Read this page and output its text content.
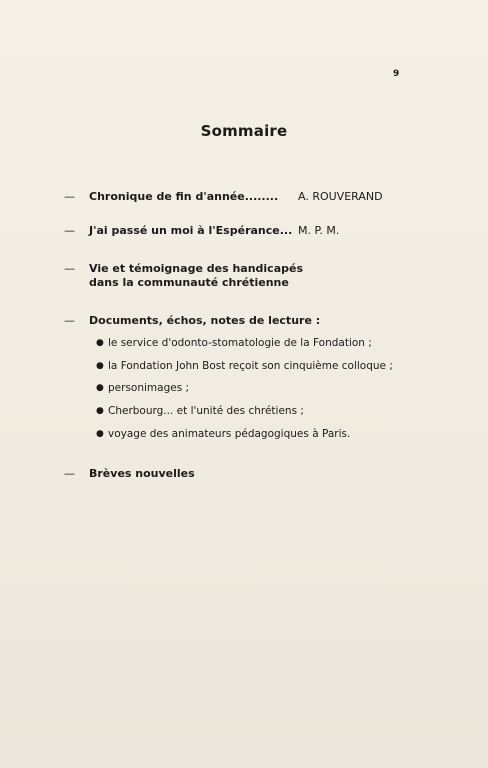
9
Sommaire
— Chronique de fin d'année........ A. ROUVERAND
— J'ai passé un moi à l'Espérance... M. P. M.
— Vie et témoignage des handicapés
dans la communauté chrétienne
— Documents, échos, notes de lecture :
● le service d'odonto-stomatologie de la Fondation ;
● la Fondation John Bost reçoit son cinquième colloque ;
● personimages ;
● Cherbourg... et l'unité des chrétiens ;
● voyage des animateurs pédagogiques à Paris.
— Brèves nouvelles
